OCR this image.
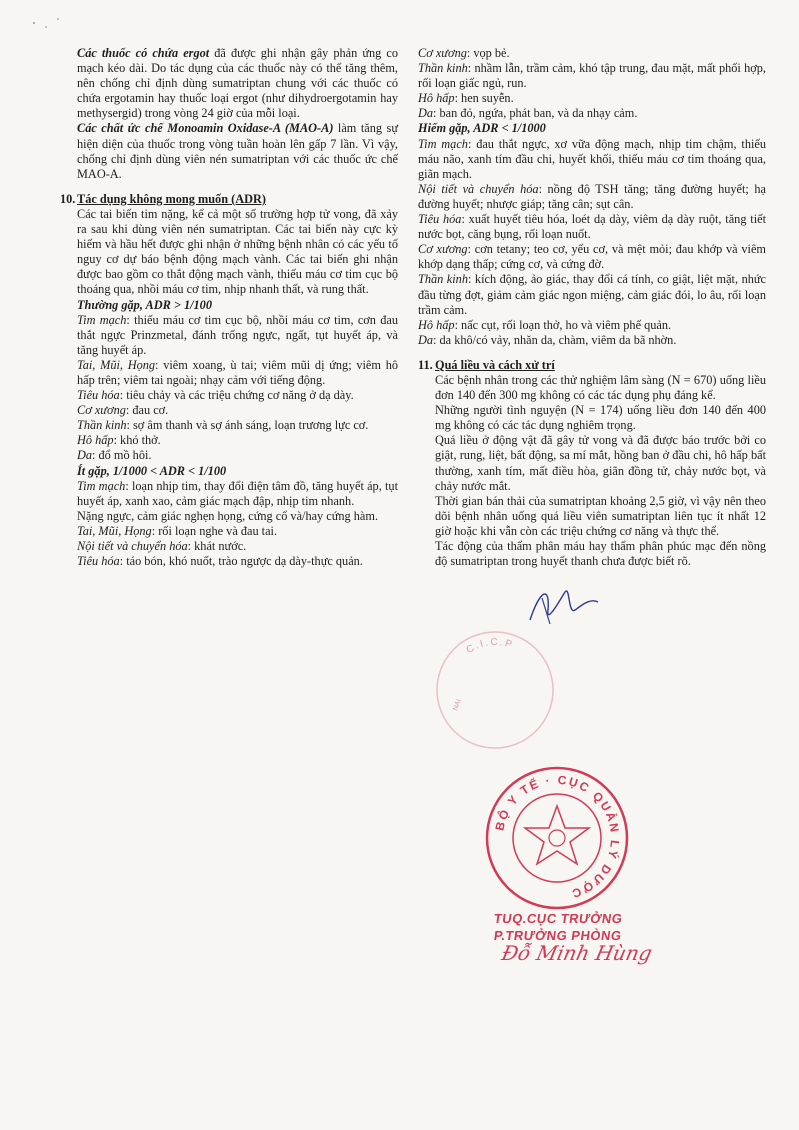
Các thuốc có chứa ergot đã được ghi nhận gây phản ứng co mạch kéo dài. Do tác dụng của các thuốc này có thể tăng thêm, nên chống chỉ định dùng sumatriptan chung với các thuốc có chứa ergotamin hay thuốc loại ergot (như dihydroergotamin hay methysergid) trong vòng 24 giờ của mỗi loại.

Các chất ức chế Monoamin Oxidase-A (MAO-A) làm tăng sự hiện diện của thuốc trong vòng tuần hoàn lên gấp 7 lần. Vì vậy, chống chỉ định dùng viên nén sumatriptan với các thuốc ức chế MAO-A.

10. Tác dụng không mong muốn (ADR)

Các tai biến tim nặng, kể cả một số trường hợp tử vong, đã xảy ra sau khi dùng viên nén sumatriptan. Các tai biến này cực kỳ hiếm và hầu hết được ghi nhận ở những bệnh nhân có các yếu tố nguy cơ dự báo bệnh động mạch vành. Các tai biến ghi nhận được bao gồm co thắt động mạch vành, thiếu máu cơ tim cục bộ thoáng qua, nhồi máu cơ tim, nhịp nhanh thất, và rung thất.

Thường gặp, ADR > 1/100

Tim mạch: thiếu máu cơ tim cục bộ, nhồi máu cơ tim, cơn đau thắt ngực Prinzmetal, đánh trống ngực, ngất, tụt huyết áp, và tăng huyết áp.

Tai, Mũi, Họng: viêm xoang, ù tai; viêm mũi dị ứng; viêm hô hấp trên; viêm tai ngoài; nhạy cảm với tiếng động.

Tiêu hóa: tiêu chảy và các triệu chứng cơ năng ở dạ dày.

Cơ xương: đau cơ.

Thần kinh: sợ âm thanh và sợ ánh sáng, loạn trương lực cơ.

Hô hấp: khó thở.

Da: đổ mồ hôi.

Ít gặp, 1/1000 < ADR < 1/100

Tim mạch: loạn nhịp tim, thay đổi điện tâm đồ, tăng huyết áp, tụt huyết áp, xanh xao, cảm giác mạch đập, nhịp tim nhanh.

Nặng ngực, cảm giác nghẹn họng, cứng cổ và/hay cứng hàm.

Tai, Mũi, Họng: rối loạn nghe và đau tai.

Nội tiết và chuyển hóa: khát nước.

Tiêu hóa: táo bón, khó nuốt, trào ngược dạ dày-thực quản.

Cơ xương: vọp bẻ.

Thần kinh: nhầm lẫn, trầm cảm, khó tập trung, đau mặt, mất phối hợp, rối loạn giấc ngủ, run.

Hô hấp: hen suyễn.

Da: ban đỏ, ngứa, phát ban, và da nhạy cảm.

Hiếm gặp, ADR < 1/1000

Tim mạch: đau thắt ngực, xơ vữa động mạch, nhịp tim chậm, thiếu máu não, xanh tím đầu chi, huyết khối, thiếu máu cơ tim thoáng qua, giãn mạch.

Nội tiết và chuyển hóa: nồng độ TSH tăng; tăng đường huyết; hạ đường huyết; nhược giáp; tăng cân; sụt cân.

Tiêu hóa: xuất huyết tiêu hóa, loét dạ dày, viêm dạ dày ruột, tăng tiết nước bọt, căng bụng, rối loạn nuốt.

Cơ xương: cơn tetany; teo cơ, yếu cơ, và mệt mỏi; đau khớp và viêm khớp dạng thấp; cứng cơ, và cứng đờ.

Thần kinh: kích động, ảo giác, thay đổi cá tính, co giật, liệt mặt, nhức đầu từng đợt, giảm cảm giác ngon miệng, cảm giác đói, lo âu, rối loạn trầm cảm.

Hô hấp: nấc cụt, rối loạn thở, ho và viêm phế quản.

Da: da khô/có vảy, nhăn da, chàm, viêm da bã nhờn.

11. Quá liều và cách xử trí

Các bệnh nhân trong các thử nghiệm lâm sàng (N = 670) uống liều đơn 140 đến 300 mg không có các tác dụng phụ đáng kể.

Những người tình nguyện (N = 174) uống liều đơn 140 đến 400 mg không có các tác dụng nghiêm trọng.

Quá liều ở động vật đã gây tử vong và đã được báo trước bởi co giật, rung, liệt, bất động, sa mí mắt, hồng ban ở đầu chi, hô hấp bất thường, xanh tím, mất điều hòa, giãn đồng tử, chảy nước bọt, và chảy nước mắt.

Thời gian bán thải của sumatriptan khoảng 2,5 giờ, vì vậy nên theo dõi bệnh nhân uống quá liều viên sumatriptan liên tục ít nhất 12 giờ hoặc khi vẫn còn các triệu chứng cơ năng và thực thể.

Tác động của thẩm phân máu hay thẩm phân phúc mạc đến nồng độ sumatriptan trong huyết thanh chưa được biết rõ.

C.I.C.P
NAI
BỘ Y TẾ · CỤC QUẢN LÝ DƯỢC
TUQ.CỤC TRƯỞNG
P.TRƯỞNG PHÒNG
Đỗ Minh Hùng
